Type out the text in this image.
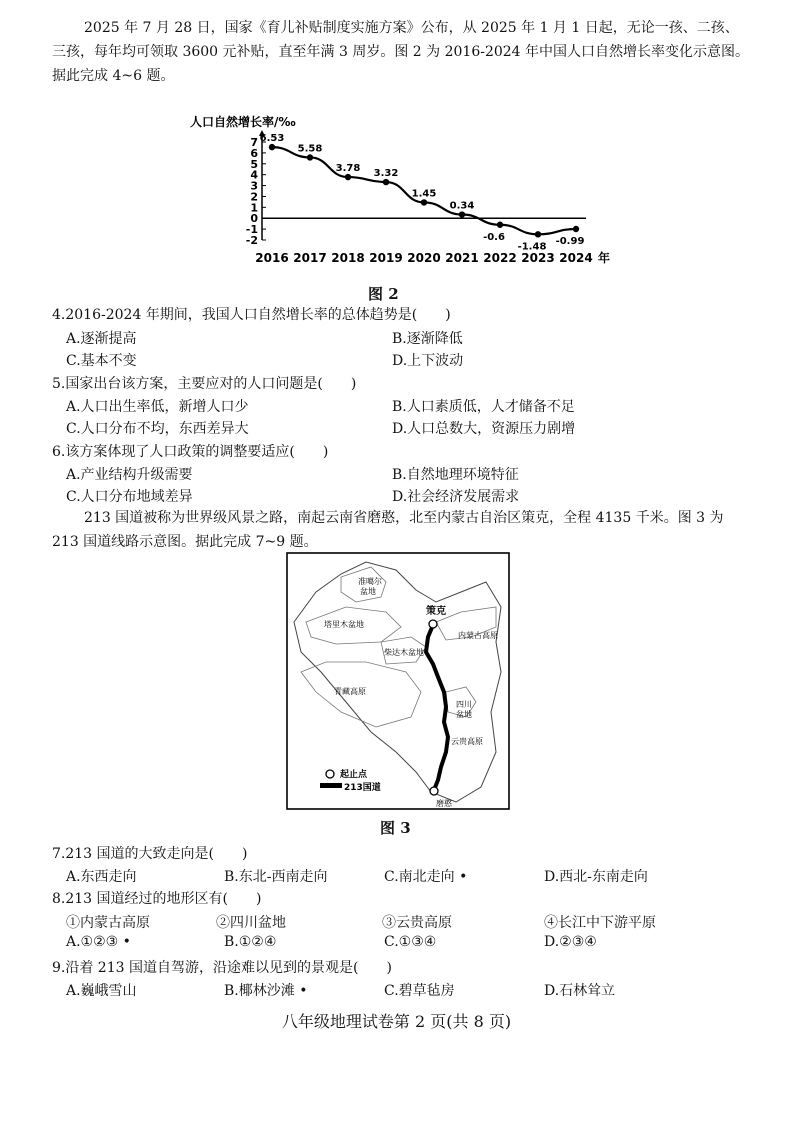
2025 年 7 月 28 日，国家《育儿补贴制度实施方案》公布，从 2025 年 1 月 1 日起，无论一孩、二孩、三孩，每年均可领取 3600 元补贴，直至年满 3 周岁。图 2 为 2016-2024 年中国人口自然增长率变化示意图。据此完成 4~6 题。
人口自然增长率/‰
7
6
5
4
3
2
1
0
-1
-2
2016 2017 2018 2019 2020 2021 2022 2023 2024 年
6.53
5.58
3.78 3.32
1.45
0.34
-0.6
-1.48 -0.99
图 2
4.2016-2024 年期间，我国人口自然增长率的总体趋势是(　　)
A.逐渐提高	B.逐渐降低
C.基本不变	D.上下波动
5.国家出台该方案，主要应对的人口问题是(　　)
A.人口出生率低，新增人口少	B.人口素质低，人才储备不足
C.人口分布不均，东西差异大	D.人口总数大，资源压力剧增
6.该方案体现了人口政策的调整要适应(　　)
A.产业结构升级需要	B.自然地理环境特征
C.人口分布地域差异	D.社会经济发展需求
213 国道被称为世界级风景之路，南起云南省磨憨，北至内蒙古自治区策克，全程 4135 千米。图 3 为 213 国道线路示意图。据此完成 7~9 题。
准噶尔
盆地
塔里木盆地
柴达木盆地
青藏高原
内蒙古高原
四川
盆地
云贵高原
策克
磨憨
起止点
213国道
图 3
7.213 国道的大致走向是(　　)
A.东西走向	B.东北-西南走向	C.南北走向 •	D.西北-东南走向
8.213 国道经过的地形区有(　　)
①内蒙古高原	②四川盆地	③云贵高原	④长江中下游平原
A.①②③ •	B.①②④	C.①③④	D.②③④
9.沿着 213 国道自驾游，沿途难以见到的景观是(　　)
A.巍峨雪山	B.椰林沙滩 •	C.碧草毡房	D.石林耸立
八年级地理试卷第 2 页(共 8 页)
